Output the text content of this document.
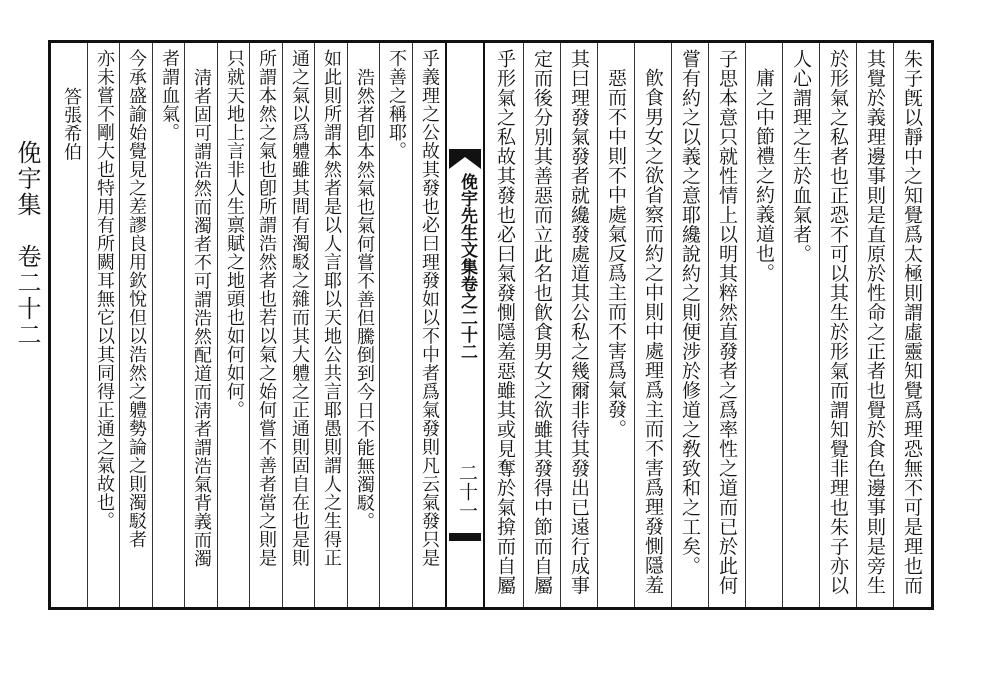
俛宇集　卷二十二	朱子旣以靜中之知覺爲太極則謂虛靈知覺爲理恐無不可是理也而
其覺於義理邊事則是直原於性命之正者也覺於食色邊事則是旁生
於形氣之私者也正恐不可以其生於形氣而謂知覺非理也朱子亦以
人心謂理之生於血氣者。
庸之中節禮之約義道也。
子思本意只就性情上以明其粹然直發者之爲率性之道而已於此何
嘗有約之以義之意耶纔說約之則便涉於修道之敎致和之工矣。
飮食男女之欲省察而約之中則中處理爲主而不害爲理發惻隱羞
惡而不中則不中處氣反爲主而不害爲氣發。
其曰理發氣發者就纔發處道其公私之幾爾非待其發出已遠行成事
定而後分別其善惡而立此名也飮食男女之欲雖其發得中節而自屬
乎形氣之私故其發也必曰氣發惻隱羞惡雖其或見奪於氣揜而自屬
俛宇先生文集卷之二十二
二十一
乎義理之公故其發也必曰理發如以不中者爲氣發則凡云氣發只是
不善之稱耶。
浩然者卽本然氣也氣何嘗不善但騰倒到今日不能無濁駁。
如此則所謂本然者是以人言耶以天地公共言耶愚則謂人之生得正
通之氣以爲軆雖其間有濁駁之雜而其大軆之正通則固自在也是則
所謂本然之氣也卽所謂浩然者也若以氣之始何嘗不善者當之則是
只就天地上言非人生禀賦之地頭也如何如何。
淸者固可謂浩然而濁者不可謂浩然配道而淸者謂浩氣背義而濁
者謂血氣。
今承盛諭始覺見之差謬良用欽悅但以浩然之軆勢論之則濁駁者
亦未嘗不剛大也特用有所闕耳無它以其同得正通之氣故也。
答張希伯
